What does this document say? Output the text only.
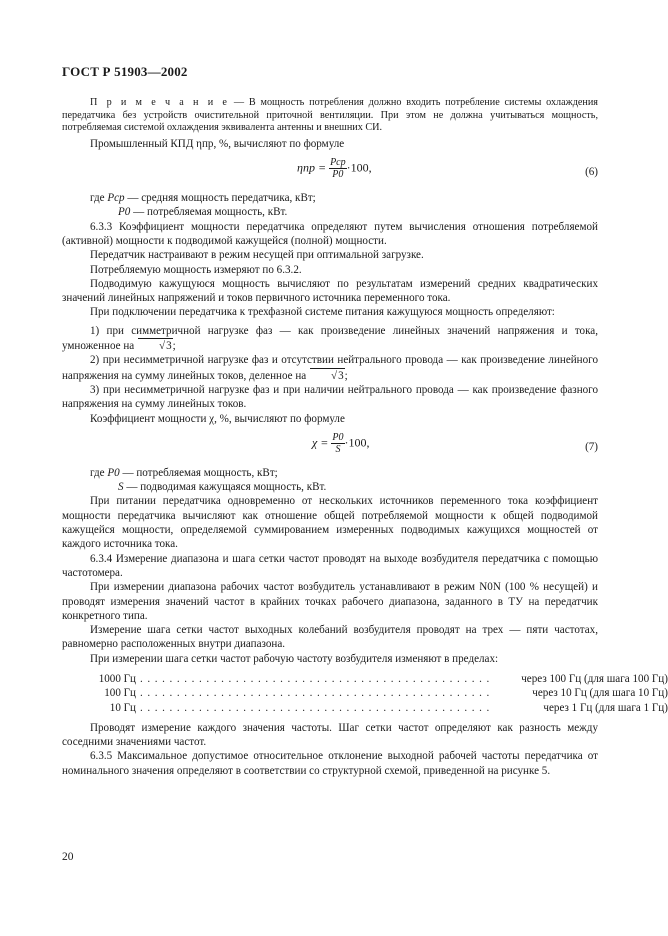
ГОСТ Р 51903—2002

П р и м е ч а н и е — В мощность потребления должно входить потребление системы охлаждения передатчика без устройств очистительной приточной вентиляции. При этом не должна учитываться мощность, потребляемая системой охлаждения эквивалента антенны и внешних СИ.

Промышленный КПД ηпр, %, вычисляют по формуле

$\eta пр = \frac{\text{Pср}}{P0} \cdot 100$,	(6)

где Pср — средняя мощность передатчика, кВт;

P0 — потребляемая мощность, кВт.

6.3.3 Коэффициент мощности передатчика определяют путем вычисления отношения потребляемой (активной) мощности к подводимой кажущейся (полной) мощности.

Передатчик настраивают в режим несущей при оптимальной загрузке.

Потребляемую мощность измеряют по 6.3.2.

Подводимую кажущуюся мощность вычисляют по результатам измерений средних квадратических значений линейных напряжений и токов первичного источника переменного тока.

При подключении передатчика к трехфазной системе питания кажущуюся мощность определяют:

1) при симметричной нагрузке фаз — как произведение линейных значений напряжения и тока, умноженное на	√ 3;

2) при несимметричной нагрузке фаз и отсутствии нейтрального провода — как произведение линейного напряжения на сумму линейных токов, деленное на	√ 3;

3) при несимметричной нагрузке фаз и при наличии нейтрального провода — как произведение фазного напряжения на сумму линейных токов.

Коэффициент мощности χ, %, вычисляют по формуле

$\chi = \frac{P0}{S} \cdot 100$,	(7)

где P0 — потребляемая мощность, кВт;

S — подводимая кажущаяся мощность, кВт.

При питании передатчика одновременно от нескольких источников переменного тока коэффициент мощности передатчика вычисляют как отношение общей потребляемой мощности к общей подводимой кажущейся мощности, определяемой суммированием измеренных подводимых кажущихся мощностей от каждого источника тока.

6.3.4 Измерение диапазона и шага сетки частот проводят на выходе возбудителя передатчика с помощью частотомера.

При измерении диапазона рабочих частот возбудитель устанавливают в режим N0N (100 % несущей) и проводят измерения значений частот в крайних точках рабочего диапазона, заданного в ТУ на передатчик конкретного типа.

Измерение шага сетки частот выходных колебаний возбудителя проводят на трех — пяти частотах, равномерно расположенных внутри диапазона.

При измерении шага сетки частот рабочую частоту возбудителя изменяют в пределах:

1000 Гц ................................................	через 100 Гц (для шага 100 Гц)

100 Гц ................................................	через 10 Гц (для шага 10 Гц)

10 Гц ................................................	через 1 Гц (для шага 1 Гц)

Проводят измерение каждого значения частоты. Шаг сетки частот определяют как разность между соседними значениями частот.

6.3.5 Максимальное допустимое относительное отклонение выходной рабочей частоты передатчика от номинального значения определяют в соответствии со структурной схемой, приведенной на рисунке 5.

20
